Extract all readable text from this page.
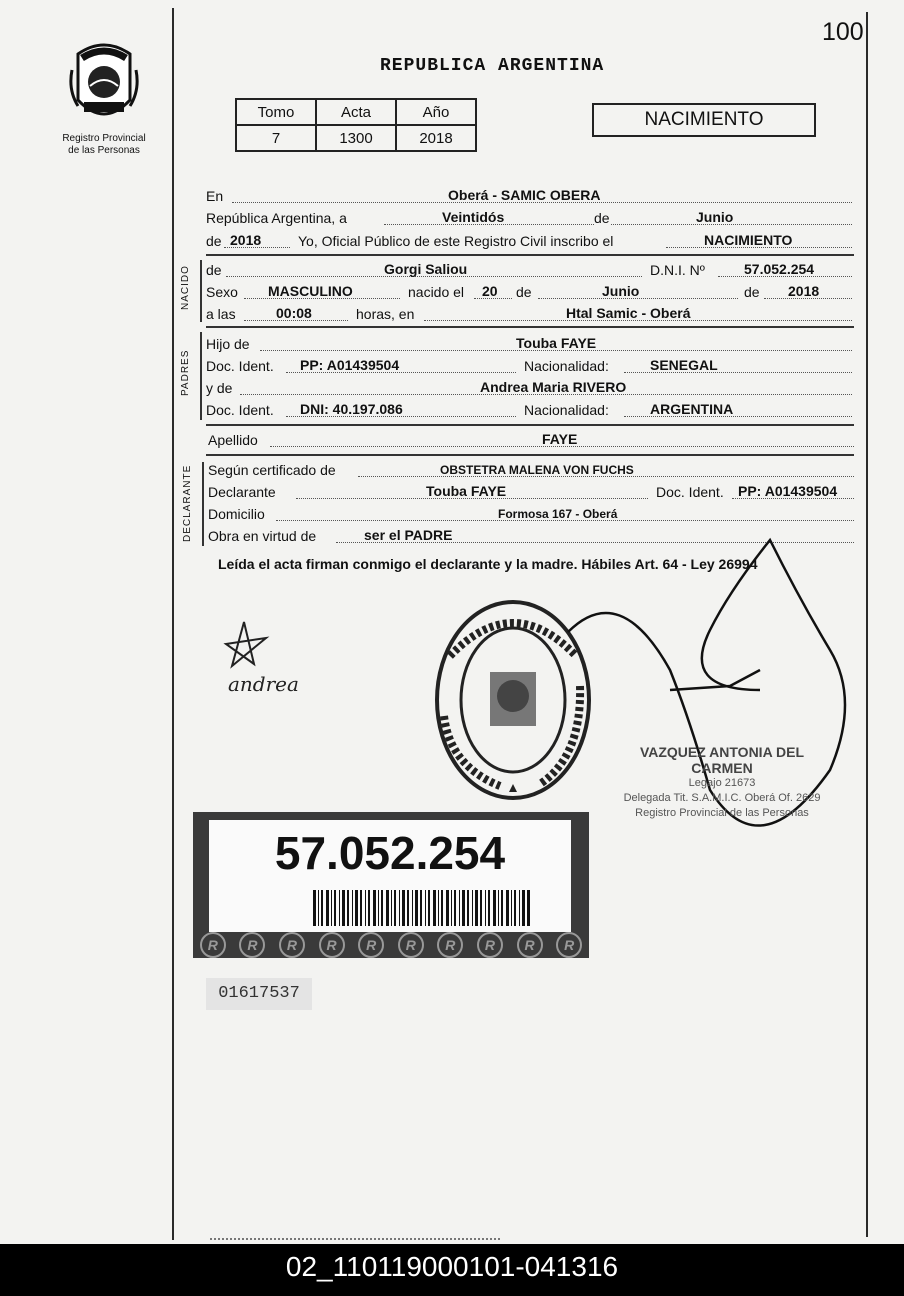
100
Registro Provincial
de las Personas
REPUBLICA ARGENTINA
Tomo	Acta	Año
7	1300	2018
NACIMIENTO
En	Oberá - SAMIC OBERA
República Argentina, a	Veintidós	de	Junio
de 2018	Yo, Oficial Público de este Registro Civil inscribo el	NACIMIENTO
NACIDO de	Gorgi Saliou	D.N.I. Nº	57.052.254
Sexo MASCULINO	nacido el 20 de	Junio	de 2018
a las	00:08	horas, en	Htal Samic - Oberá
PADRES
Hijo de	Touba FAYE
Doc. Ident. PP: A01439504	Nacionalidad:	SENEGAL
y de	Andrea Maria RIVERO
Doc. Ident. DNI: 40.197.086	Nacionalidad:	ARGENTINA
Apellido	FAYE
DECLARANTE Según certificado de	OBSTETRA MALENA VON FUCHS
Declarante	Touba FAYE	Doc. Ident. PP: A01439504
Domicilio	Formosa 167 - Oberá
Obra en virtud de	ser el PADRE
Leída el acta firman conmigo el declarante y la madre. Hábiles Art. 64 - Ley 26994
andrea
VAZQUEZ ANTONIA DEL CARMEN
Legajo 21673
Delegada Tit. S.A.M.I.C. Oberá Of. 2629
Registro Provincial de las Personas
57.052.254
R	R	R	R	R	R	R	R	R	R
01617537
02_110119000101-041316
